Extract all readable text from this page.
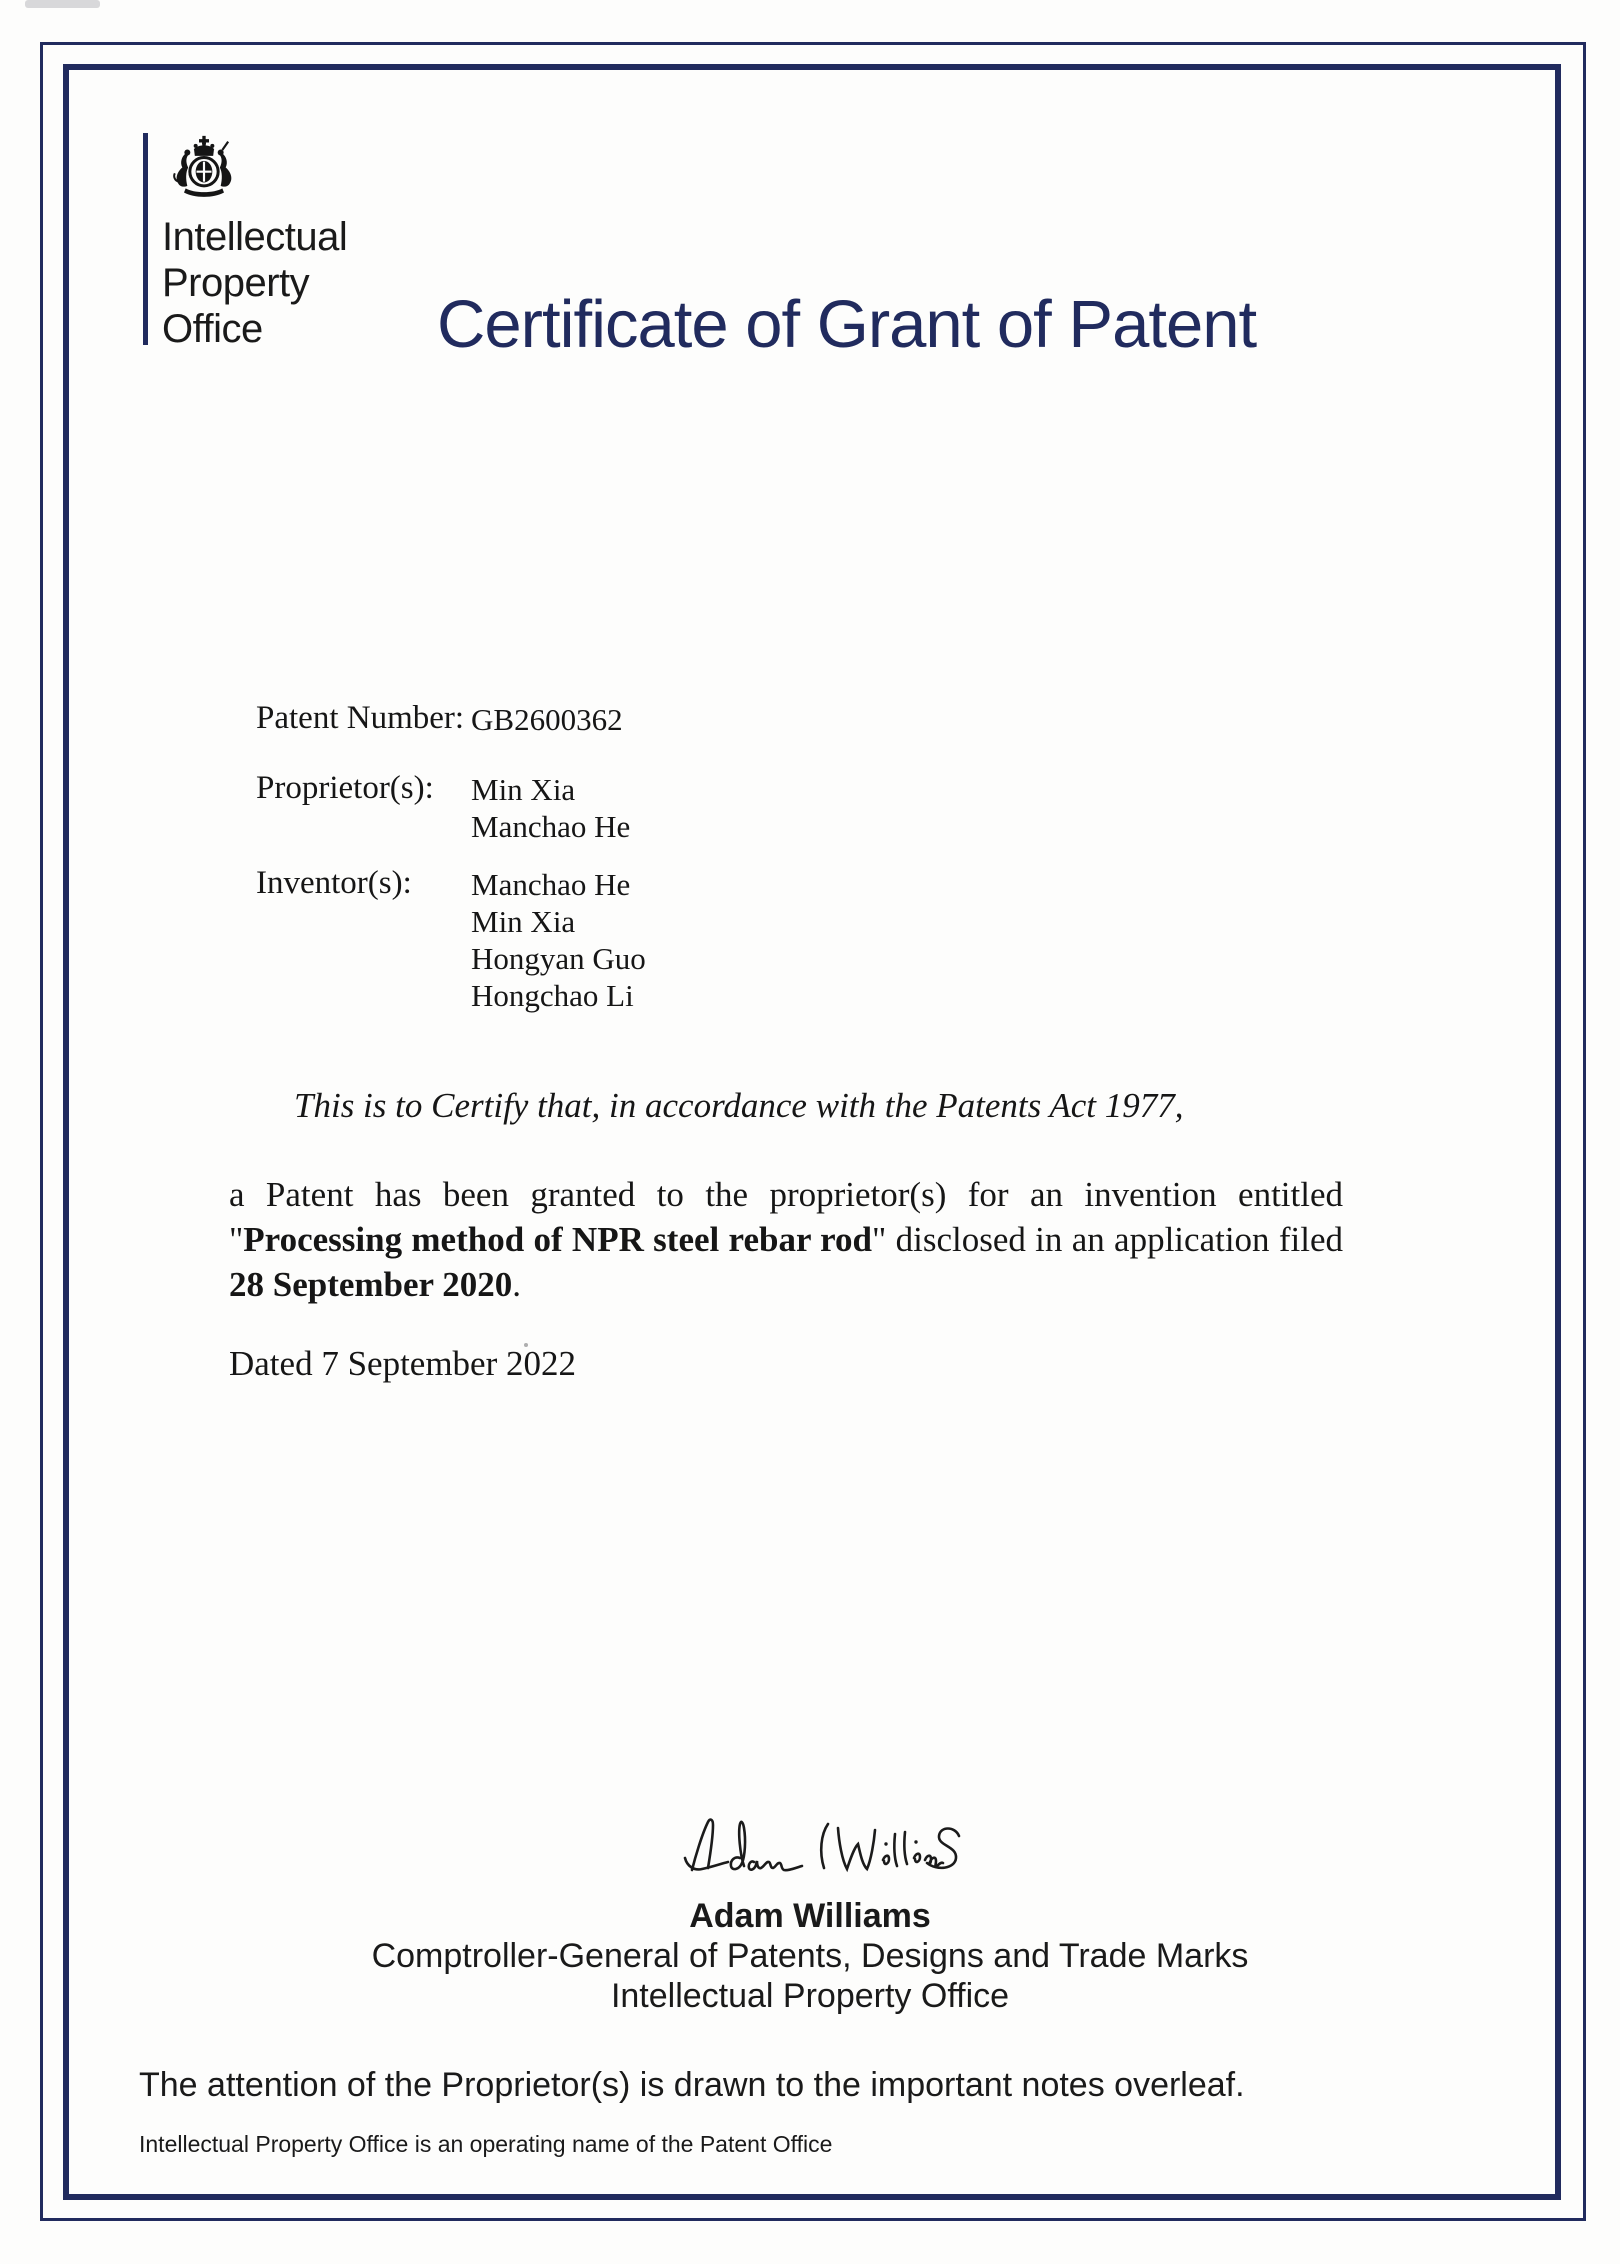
Intellectual
Property
Office	Certificate of Grant of Patent
Patent Number: GB2600362
Proprietor(s):	Min Xia
Manchao He
Inventor(s):	Manchao He
Min Xia
Hongyan Guo
Hongchao Li
This is to Certify that, in accordance with the Patents Act 1977,
a Patent has been granted to the proprietor(s) for an invention entitled "Processing method of NPR steel rebar rod" disclosed in an application filed 28 September 2020.
Dated 7 September 2022
Adam Williams
Comptroller-General of Patents, Designs and Trade Marks
Intellectual Property Office
The attention of the Proprietor(s) is drawn to the important notes overleaf.
Intellectual Property Office is an operating name of the Patent Office
